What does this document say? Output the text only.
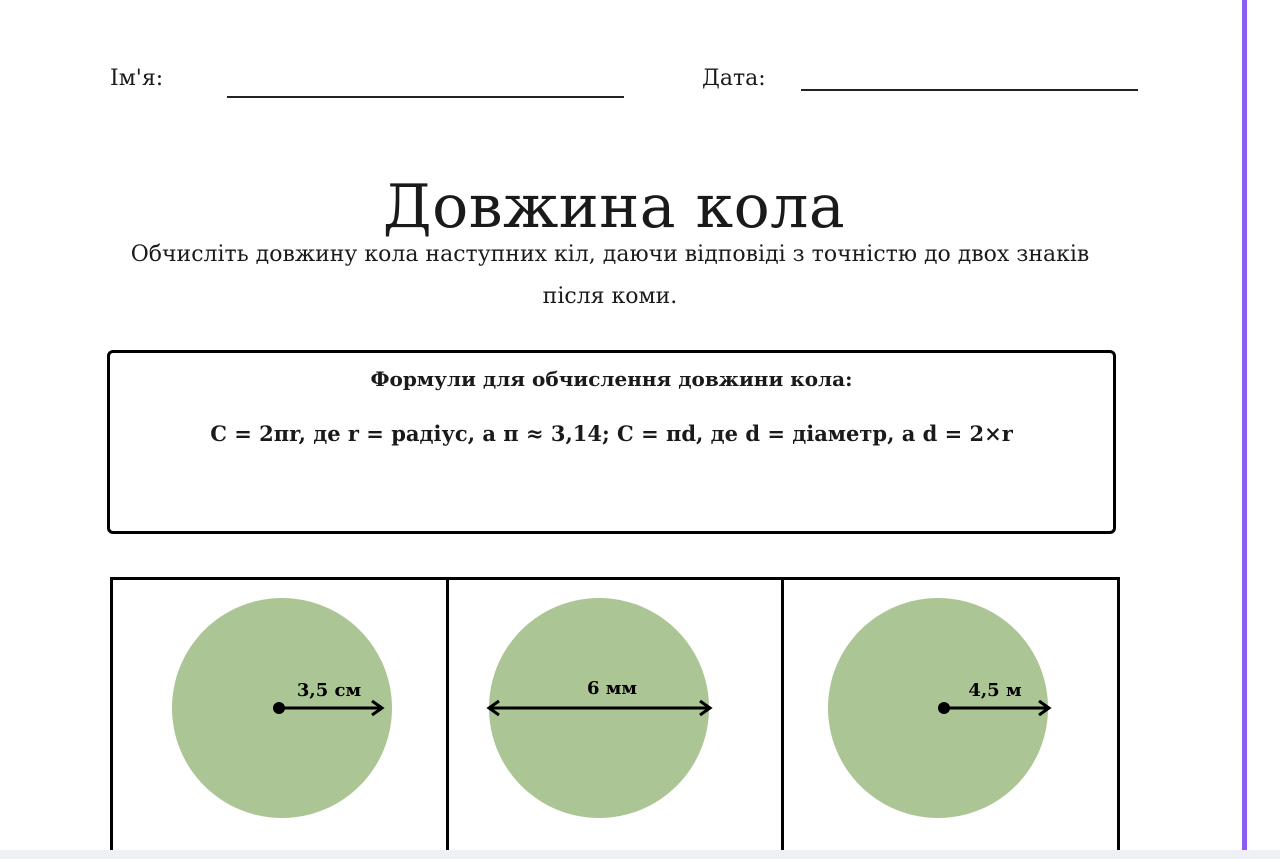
Ім'я:	Дата:
Довжина кола
Обчисліть довжину кола наступних кіл, даючи відповіді з точністю до двох знаків після коми.
Формули для обчислення довжини кола:
C = 2πr, де r = радіус, а π ≈ 3,14; C = πd, де d = діаметр, а d = 2×r
3,5 см	6 мм	4,5 м
